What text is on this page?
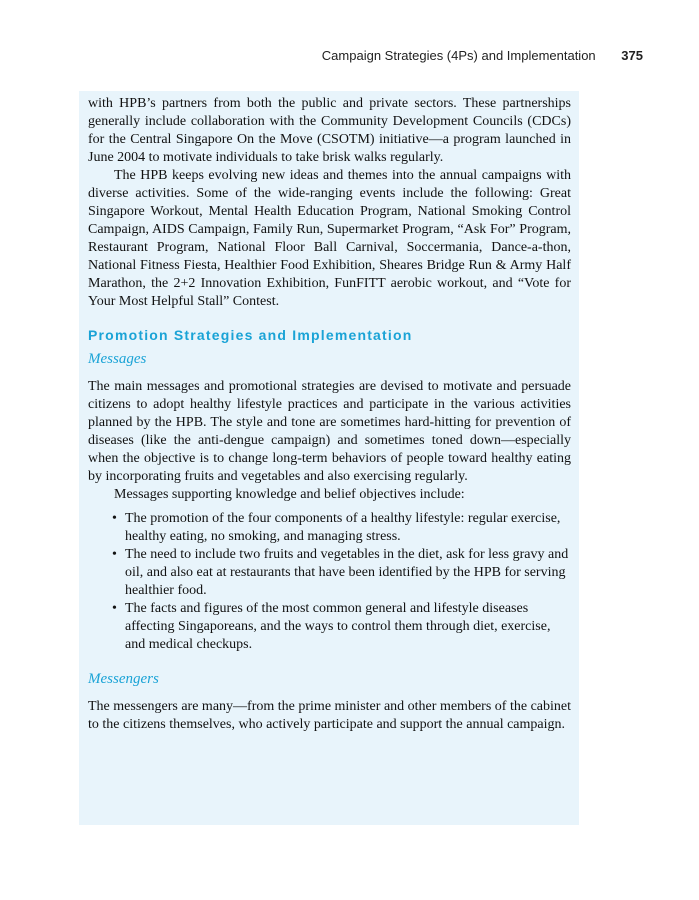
Campaign Strategies (4Ps) and Implementation 375

with HPB’s partners from both the public and private sectors. These partnerships generally include collaboration with the Community Development Councils (CDCs) for the Central Singapore On the Move (CSOTM) initiative—a program launched in June 2004 to motivate individuals to take brisk walks regularly.

The HPB keeps evolving new ideas and themes into the annual campaigns with diverse activities. Some of the wide-ranging events include the following: Great Singapore Workout, Mental Health Education Program, National Smoking Control Campaign, AIDS Campaign, Family Run, Supermarket Program, “Ask For” Program, Restaurant Program, National Floor Ball Carnival, Soccermania, Dance-a-thon, National Fitness Fiesta, Healthier Food Exhibition, Sheares Bridge Run & Army Half Marathon, the 2+2 Innovation Exhibition, FunFITT aerobic workout, and “Vote for Your Most Helpful Stall” Contest.

Promotion Strategies and Implementation
Messages

The main messages and promotional strategies are devised to motivate and persuade citizens to adopt healthy lifestyle practices and participate in the various activities planned by the HPB. The style and tone are sometimes hard-hitting for prevention of diseases (like the anti-dengue campaign) and sometimes toned down—especially when the objective is to change long-term behaviors of people toward healthy eating by incorporating fruits and vegetables and also exercising regularly.

Messages supporting knowledge and belief objectives include:

• The promotion of the four components of a healthy lifestyle: regular exercise, healthy eating, no smoking, and managing stress.
• The need to include two fruits and vegetables in the diet, ask for less gravy and oil, and also eat at restaurants that have been identified by the HPB for serving healthier food.
• The facts and figures of the most common general and lifestyle diseases affecting Singaporeans, and the ways to control them through diet, exercise, and medical checkups.
Messengers

The messengers are many—from the prime minister and other members of the cabinet to the citizens themselves, who actively participate and support the annual campaign.
